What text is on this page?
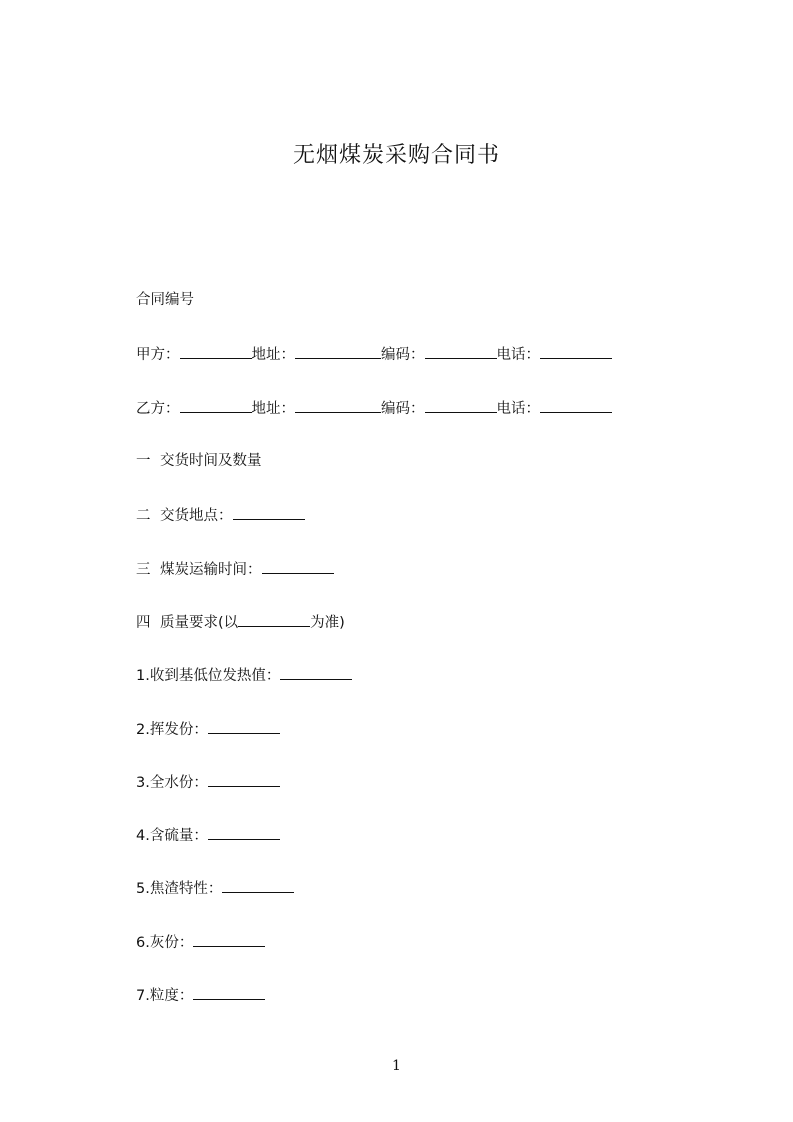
无烟煤炭采购合同书
合同编号
甲方：	地址：	编码：	电话：
乙方：	地址：	编码：	电话：
一 交货时间及数量
二 交货地点：
三 煤炭运输时间：
四 质量要求(以	为准)
1.收到基低位发热值：
2.挥发份：
3.全水份：
4.含硫量：
5.焦渣特性：
6.灰份：
7.粒度：
1
